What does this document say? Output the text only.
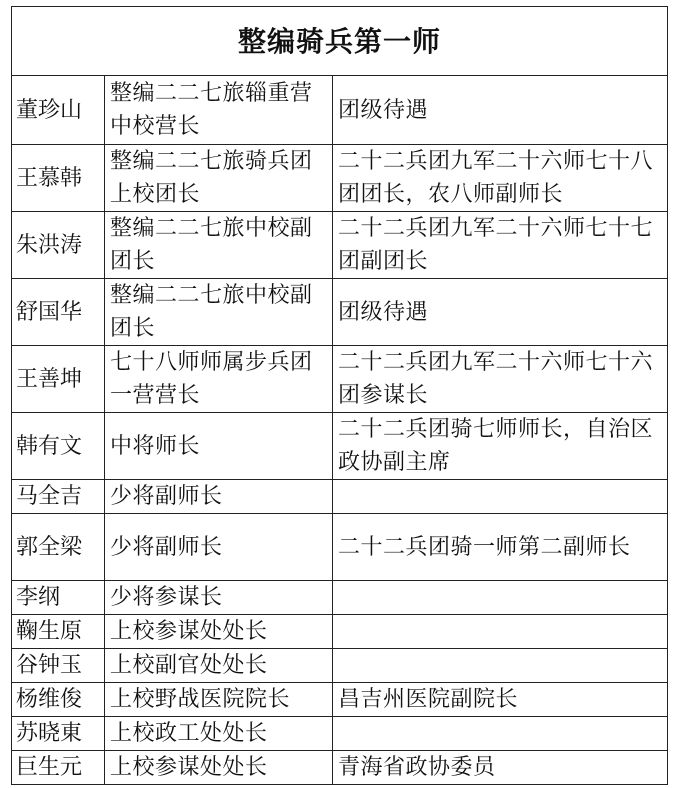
整编骑兵第一师		
董珍山	整编二二七旅辎重营中校营长	团级待遇
王慕韩	整编二二七旅骑兵团上校团长	二十二兵团九军二十六师七十八团团长，农八师副师长
朱洪涛	整编二二七旅中校副团长	二十二兵团九军二十六师七十七团副团长
舒国华	整编二二七旅中校副团长	团级待遇
王善坤	七十八师师属步兵团一营营长	二十二兵团九军二十六师七十六团参谋长
韩有文	中将师长	二十二兵团骑七师师长，自治区政协副主席
马全吉	少将副师长	
郭全梁	少将副师长	二十二兵团骑一师第二副师长
李纲	少将参谋长	
鞠生原	上校参谋处处长	
谷钟玉	上校副官处处长	
杨维俊	上校野战医院院长	昌吉州医院副院长
苏晓東	上校政工处处长	
巨生元	上校参谋处处长	青海省政协委员
